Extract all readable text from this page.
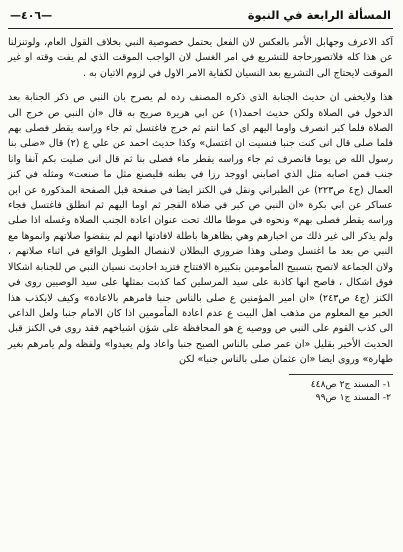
المسألة الرابعة في النبوة
—٤٠٦—

آكد الاعرف وجهابل الأمر بالعكس لان الفعل يحتمل خصوصية النبي بخلاف القول العام، ولوتنزلنا عن هذا كله فلاتصورحاجة للتشريع في امر الغسل لان الواجب الموقت الذي لم يفت وقته او غير الموقت لايحتاج الى التشريع بعد النسيان لكفاية الامر الاول في لزوم الاتيان به .

هذا ولايخفى ان حديث الجنابة الذى ذكره المصنف رده لم يصرح بان النبي ص ذكر الجنابة بعد الدخول في الصلاة ولكن حديث احمد(١) عن ابي هريرة صريح به قال «ان النبي ص خرج الى الصلاة فلما كبر انصرف واوما اليهم اى كما انتم ثم خرج فاغتسل ثم جاء وراسه يقطر فصلى بهم فلما صلى قال انى كنت جنبا فنسيت ان اغتسل» وكذا حديث احمد عن علي ع (٢) قال «صلى بنا رسول الله ص يوما فانصرف ثم جاء وراسه يقطر ماء فصلى بنا ثم قال انى صليت بكم آنفا وانا جنب فمن اصابه مثل الذي اصابني اووجد رزا في بطنه فليصنع مثل ما صنعت» ومثله في كنز العمال (ج٤ ص٢٢٣) عن الطبراني ونقل في الكنز ايضا في صفحة قبل الصفحة المذكورة عن ابن عساكر عن ابي بكرة «ان النبي ص كبر في صلاة الفجر ثم اوما اليهم ثم انطلق فاغتسل فجاء وراسه يقطر فصلى بهم» ونحوه في موطا مالك تحت عنوان اعادة الجنب الصلاة وغسله اذا صلى ولم يذكر الى غير ذلك من اخبارهم وهي بظاهرها باطلة لافادتها انهم لم ينقضوا صلاتهم وانموها مع النبي ص بعد ما اغتسل وصلى وهذا ضروري البطلان لانفصال الطويل الواقع في اثناء صلاتهم ، ولان الجماعة لاتصح بتسبيح المأمومين بتكبيرة الافتتاح فتزيد احاديث نسيان النبي ص للجنابة اشكالا فوق اشكال ، فاصح انها كاذبة على سيد المرسلين كما كذبت بمثلها على سيد الوصيين روى في الكنز (ج٤ ص٢٤٣) «ان امير المؤمنين ع صلى بالناس جنبا فامرهم بالاعادة» وكيف لايكذب هذا الخبر مع المعلوم من مذهب اهل البيت ع عدم اعادة المأمومين اذا كان الامام جنبا ولعل الداعي الى كذب القوم على النبي ص ووصيه ع هو المحافظة على شؤن اشياخهم فقد روى في الكنز قبل الحديث الأخير بقليل «ان عمر صلى بالناس الصبح جنبا واعاد ولم يعيدوا» ولفظه ولم يامرهم بغير طهارة» وروى ايضا «ان عثمان صلى بالناس جنبا» لكن

١- المسند ج٢ ص٤٤٨
٢- المسند ج١ ص٩٩
